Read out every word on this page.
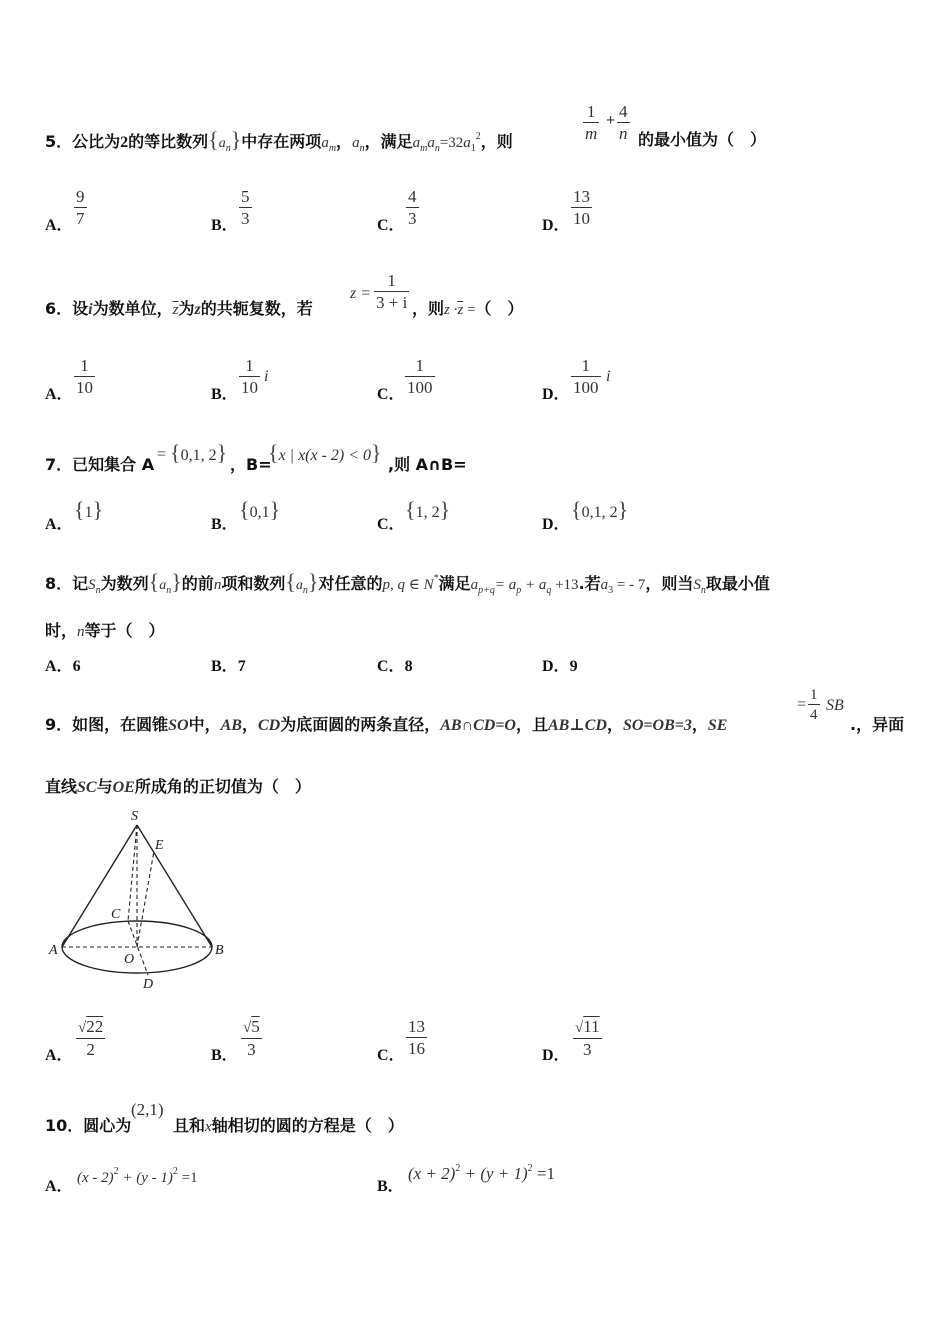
5．公比为2的等比数列$\{a_n\}$中存在两项$a_m$，$a_n$，满足$a_ma_n=32a_1^2$，则	$\frac{1}{m} + \frac{4}{n}$ 的最小值为（　）
A． $\frac{9}{7}$	B． $\frac{5}{3}$	C． $\frac{4}{3}$	D． $\frac{13}{10}$
6．设i为数单位，$\overline{z}$为z的共轭复数，若
$z = \frac{1}{3 + i}$ ，则$z \cdot\overline{z}$ =（　）
A． $\frac{1}{10}$	B． $\frac{1}{10}$ i
C． $\frac{1}{100}$	D． $\frac{1}{100}$ i
7．已知集合 A
= {0,1, 2} ，B=
{x | x(x - 2) < 0} ,则 A∩B=
A．
{1}
B．
{0,1}
C．
{1, 2}
D．
{0,1, 2}
8．记$S_n$为数列$\{a_n\}$的前n项和数列$\{a_n\}$对任意的p, q ∈ N*满足$a_{p+q}= a_p + a_q +13$.若$a_3$ = - 7，则当$S_n$取最小值
时，n等于（　）
A．6	B．7	C．8	D．9
9．如图，在圆锥SO中，AB，CD为底面圆的两条直径，AB∩CD=O，且AB⊥CD，SO=OB=3，SE
= $\frac{1}{4}$ SB
.，异面
直线SC与OE所成角的正切值为（　）
S
E
C
A	B
O
D
A． $\frac{√22}{2}$	B． $\frac{√5}{3}$	C． $\frac{13}{16}$	D． $\frac{√11}{3}$
10．圆心为
(2,1)
且和x轴相切的圆的方程是（　）
A． (x - 2)$^2$ + (y - 1)$^2$ =1	B．
$(x + 2)^2 + (y + 1)^2 =1$
